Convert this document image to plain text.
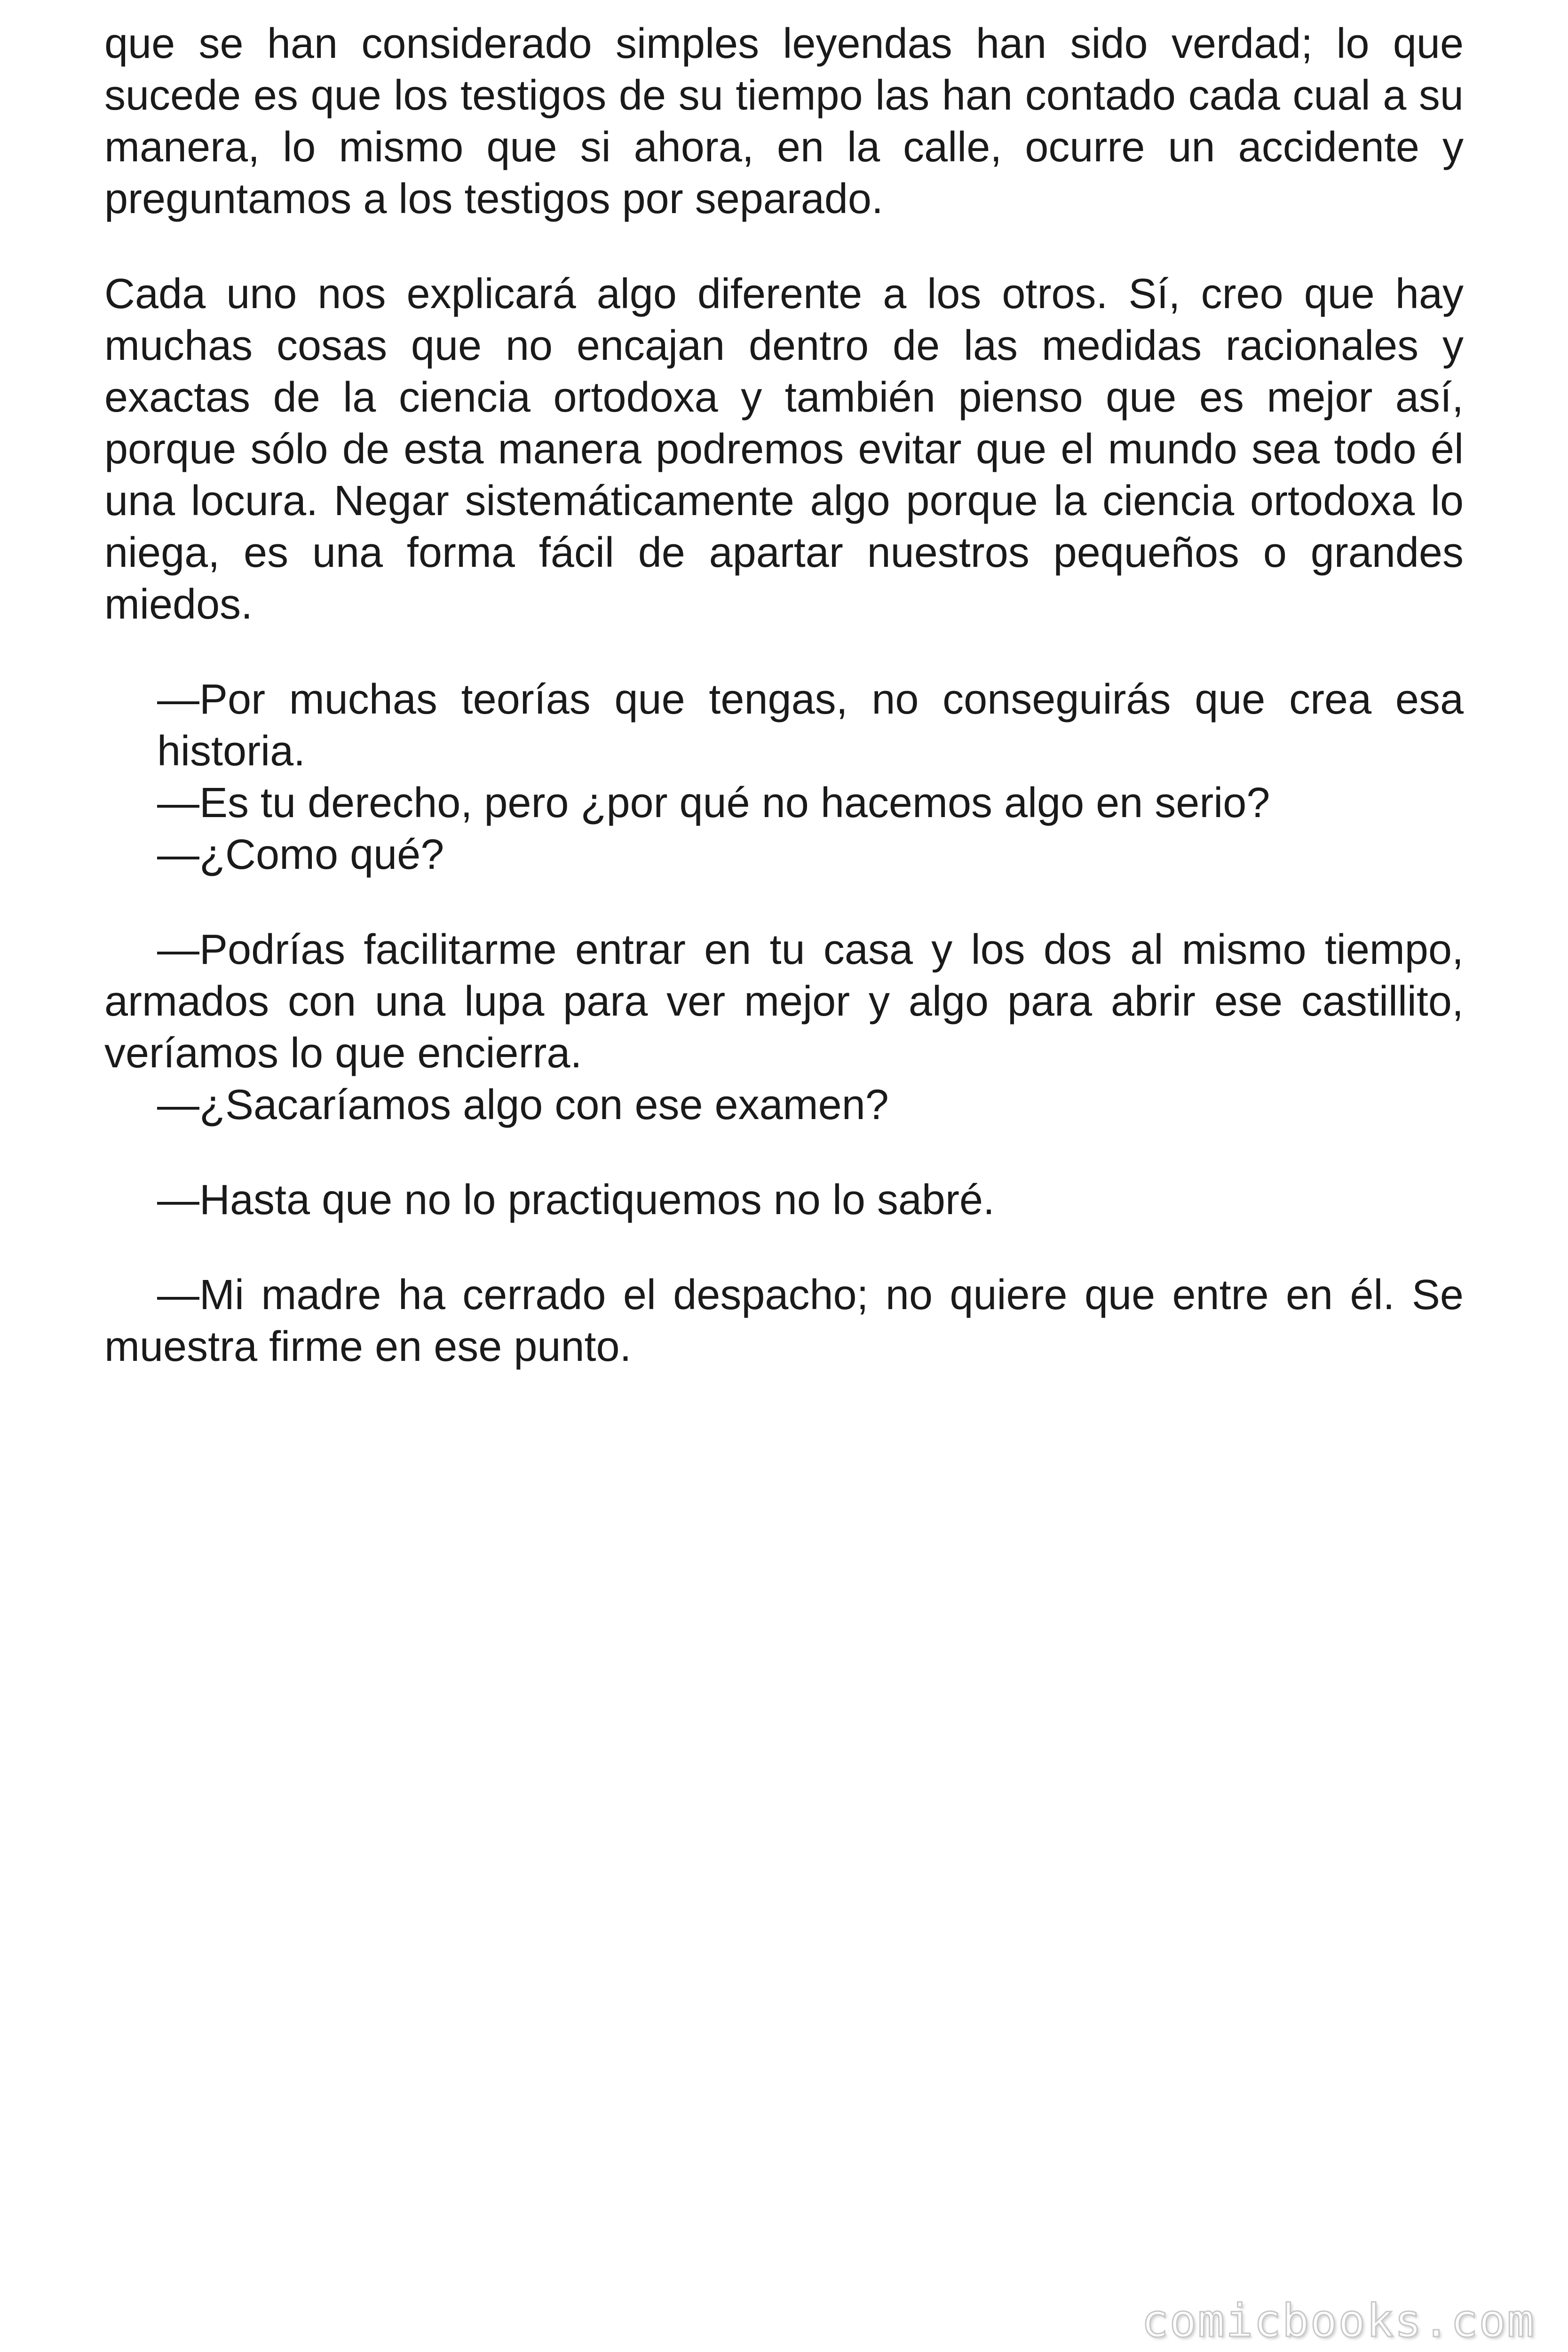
que se han considerado simples leyendas han sido verdad; lo que sucede es que los testigos de su tiempo las han contado cada cual a su manera, lo mismo que si ahora, en la calle, ocurre un accidente y preguntamos a los testigos por separado.

Cada uno nos explicará algo diferente a los otros. Sí, creo que hay muchas cosas que no encajan dentro de las medidas racionales y exactas de la ciencia ortodoxa y también pienso que es mejor así, porque sólo de esta manera podremos evitar que el mundo sea todo él una locura. Negar sistemáticamente algo porque la ciencia ortodoxa lo niega, es una forma fácil de apartar nuestros pequeños o grandes miedos.

—Por muchas teorías que tengas, no conseguirás que crea esa historia.

—Es tu derecho, pero ¿por qué no hacemos algo en serio?

—¿Como qué?

—Podrías facilitarme entrar en tu casa y los dos al mismo tiempo, armados con una lupa para ver mejor y algo para abrir ese castillito, veríamos lo que encierra.

—¿Sacaríamos algo con ese examen?

—Hasta que no lo practiquemos no lo sabré.

—Mi madre ha cerrado el despacho; no quiere que entre en él. Se muestra firme en ese punto.

comicbooks.com
